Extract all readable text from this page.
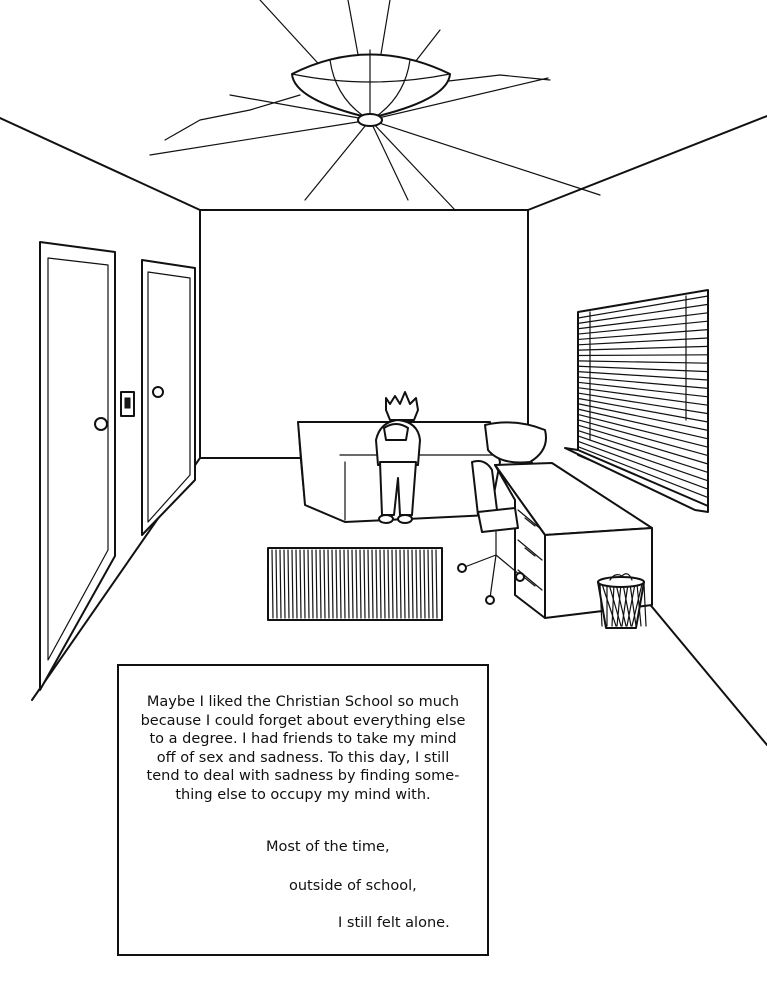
Maybe I liked the Christian School so much
because I could forget about everything else
to a degree. I had friends to take my mind
off of sex and sadness. To this day, I still
tend to deal with sadness by finding some-
thing else to occupy my mind with.
Most of the time,
outside of school,
I still felt alone.
